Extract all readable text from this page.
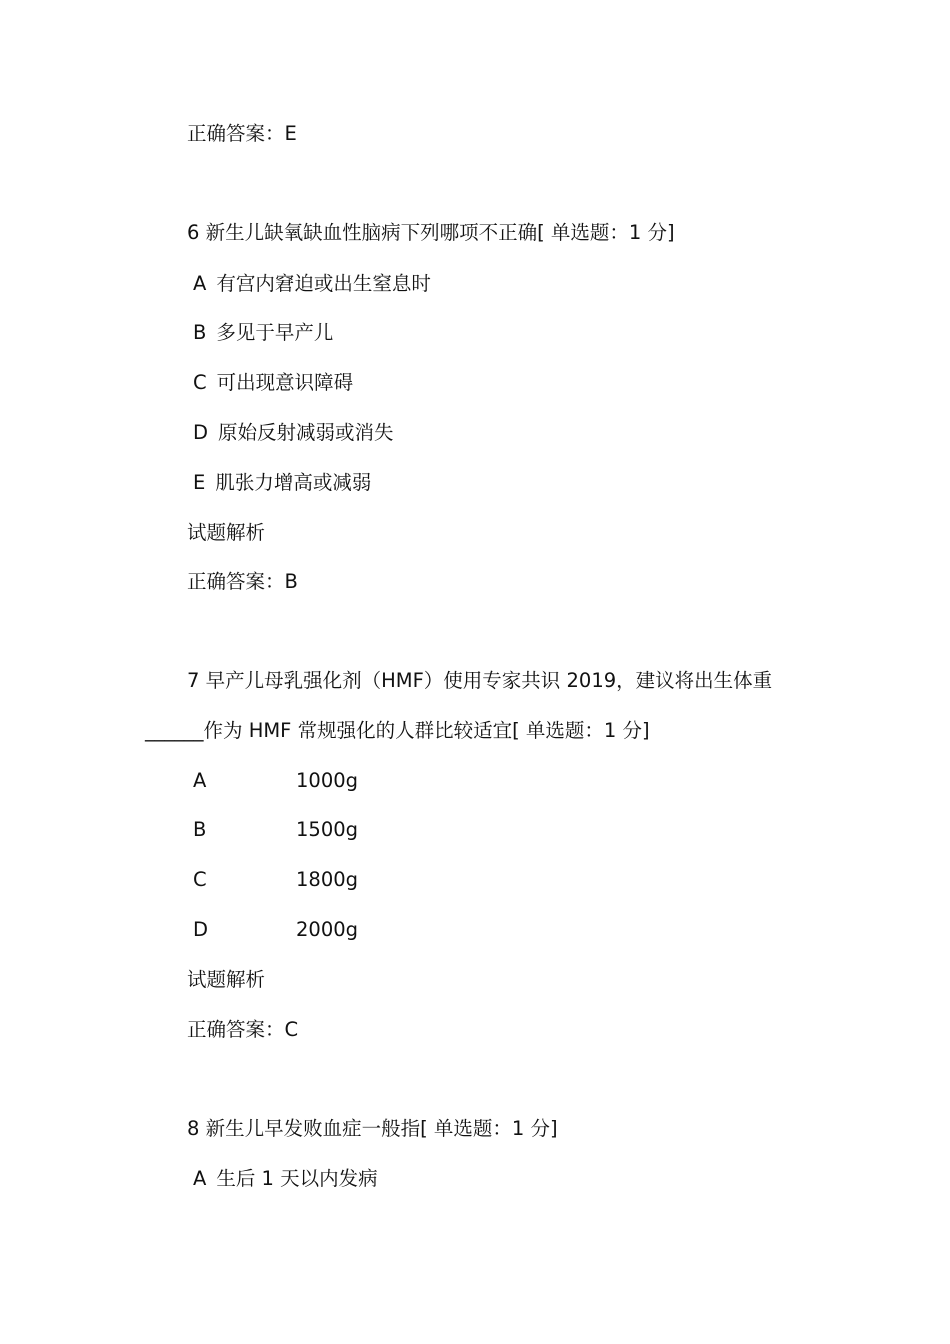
正确答案：E
6 新生儿缺氧缺血性脑病下列哪项不正确[ 单选题：1 分]
A 有宫内窘迫或出生窒息时
B 多见于早产儿
C 可出现意识障碍
D 原始反射减弱或消失
E 肌张力增高或减弱
试题解析
正确答案：B
7 早产儿母乳强化剂（HMF）使用专家共识 2019，建议将出生体重
______作为 HMF 常规强化的人群比较适宜[ 单选题：1 分]
A	1000g
B	1500g
C	1800g
D	2000g
试题解析
正确答案：C
8 新生儿早发败血症一般指[ 单选题：1 分]
A 生后 1 天以内发病
